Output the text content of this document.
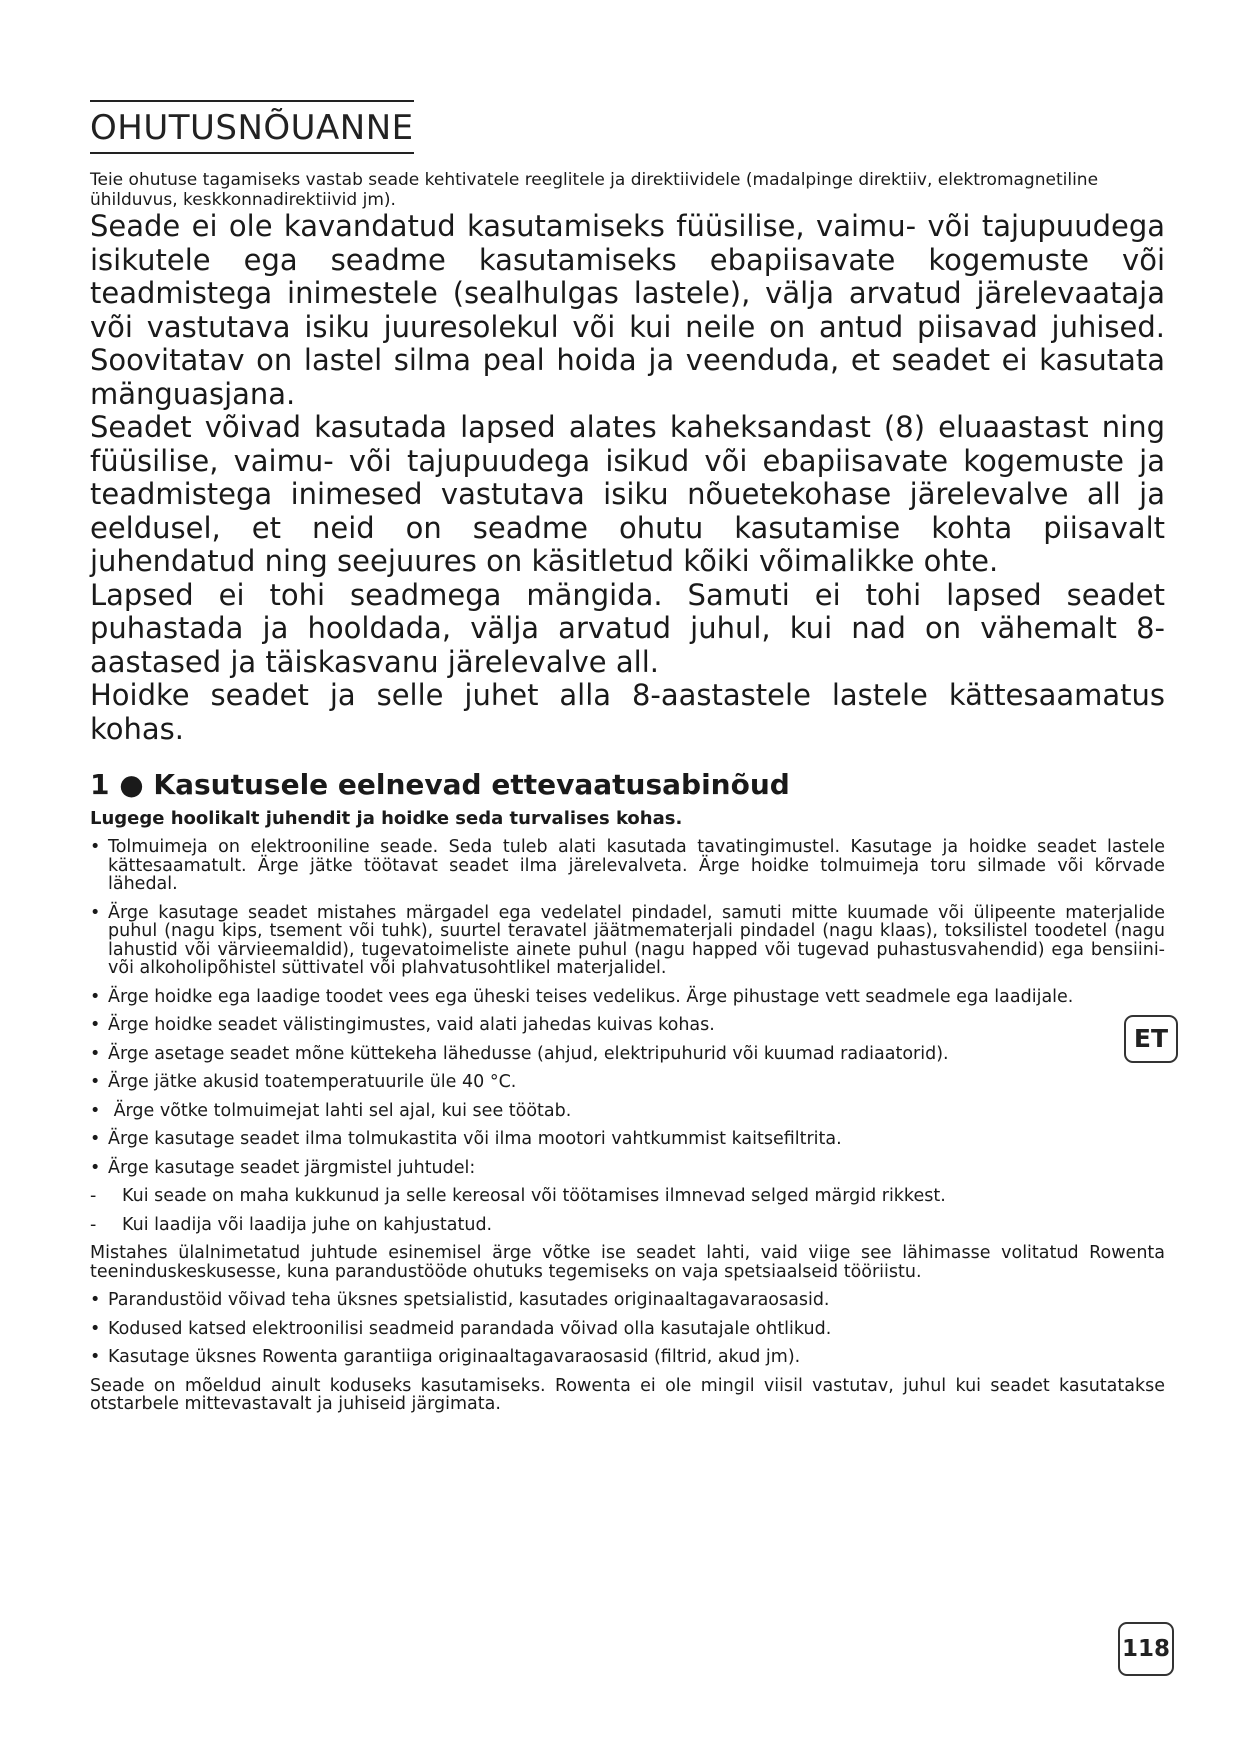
OHUTUSNÕUANNE

Teie ohutuse tagamiseks vastab seade kehtivatele reeglitele ja direktiividele (madalpinge direktiiv, elektromagnetiline ühilduvus, keskkonnadirektiivid jm).

Seade ei ole kavandatud kasutamiseks füüsilise, vaimu- või tajupuudega isikutele ega seadme kasutamiseks ebapiisavate kogemuste või teadmistega inimestele (sealhulgas lastele), välja arvatud järelevaataja või vastutava isiku juuresolekul või kui neile on antud piisavad juhised. Soovitatav on lastel silma peal hoida ja veenduda, et seadet ei kasutata mänguasjana.

Seadet võivad kasutada lapsed alates kaheksandast (8) eluaastast ning füüsilise, vaimu- või tajupuudega isikud või ebapiisavate kogemuste ja teadmistega inimesed vastutava isiku nõuetekohase järelevalve all ja eeldusel, et neid on seadme ohutu kasutamise kohta piisavalt juhendatud ning seejuures on käsitletud kõiki võimalikke ohte.

Lapsed ei tohi seadmega mängida. Samuti ei tohi lapsed seadet puhastada ja hooldada, välja arvatud juhul, kui nad on vähemalt 8-aastased ja täiskasvanu järelevalve all.

Hoidke seadet ja selle juhet alla 8-aastastele lastele kättesaamatus kohas.

1 ● Kasutusele eelnevad ettevaatusabinõud

Lugege hoolikalt juhendit ja hoidke seda turvalises kohas.

• Tolmuimeja on elektrooniline seade. Seda tuleb alati kasutada tavatingimustel. Kasutage ja hoidke seadet lastele kättesaamatult. Ärge jätke töötavat seadet ilma järelevalveta. Ärge hoidke tolmuimeja toru silmade või kõrvade lähedal.
• Ärge kasutage seadet mistahes märgadel ega vedelatel pindadel, samuti mitte kuumade või ülipeente materjalide puhul (nagu kips, tsement või tuhk), suurtel teravatel jäätmematerjali pindadel (nagu klaas), toksilistel toodetel (nagu lahustid või värvieemaldid), tugevatoimeliste ainete puhul (nagu happed või tugevad puhastusvahendid) ega bensiini- või alkoholipõhistel süttivatel või plahvatusohtlikel materjalidel.
• Ärge hoidke ega laadige toodet vees ega üheski teises vedelikus. Ärge pihustage vett seadmele ega laadijale.
• Ärge hoidke seadet välistingimustes, vaid alati jahedas kuivas kohas.
• Ärge asetage seadet mõne küttekeha lähedusse (ahjud, elektripuhurid või kuumad radiaatorid).
• Ärge jätke akusid toatemperatuurile üle 40 °C.
• Ärge võtke tolmuimejat lahti sel ajal, kui see töötab.
• Ärge kasutage seadet ilma tolmukastita või ilma mootori vahtkummist kaitsefiltrita.
• Ärge kasutage seadet järgmistel juhtudel:
- Kui seade on maha kukkunud ja selle kereosal või töötamises ilmnevad selged märgid rikkest.
- Kui laadija või laadija juhe on kahjustatud.

Mistahes ülalnimetatud juhtude esinemisel ärge võtke ise seadet lahti, vaid viige see lähimasse volitatud Rowenta teeninduskeskusesse, kuna parandustööde ohutuks tegemiseks on vaja spetsiaalseid tööriistu.

• Parandustöid võivad teha üksnes spetsialistid, kasutades originaaltagavaraosasid.
• Kodused katsed elektroonilisi seadmeid parandada võivad olla kasutajale ohtlikud.
• Kasutage üksnes Rowenta garantiiga originaaltagavaraosasid (filtrid, akud jm).

Seade on mõeldud ainult koduseks kasutamiseks. Rowenta ei ole mingil viisil vastutav, juhul kui seadet kasutatakse otstarbele mittevastavalt ja juhiseid järgimata.

ET
118
